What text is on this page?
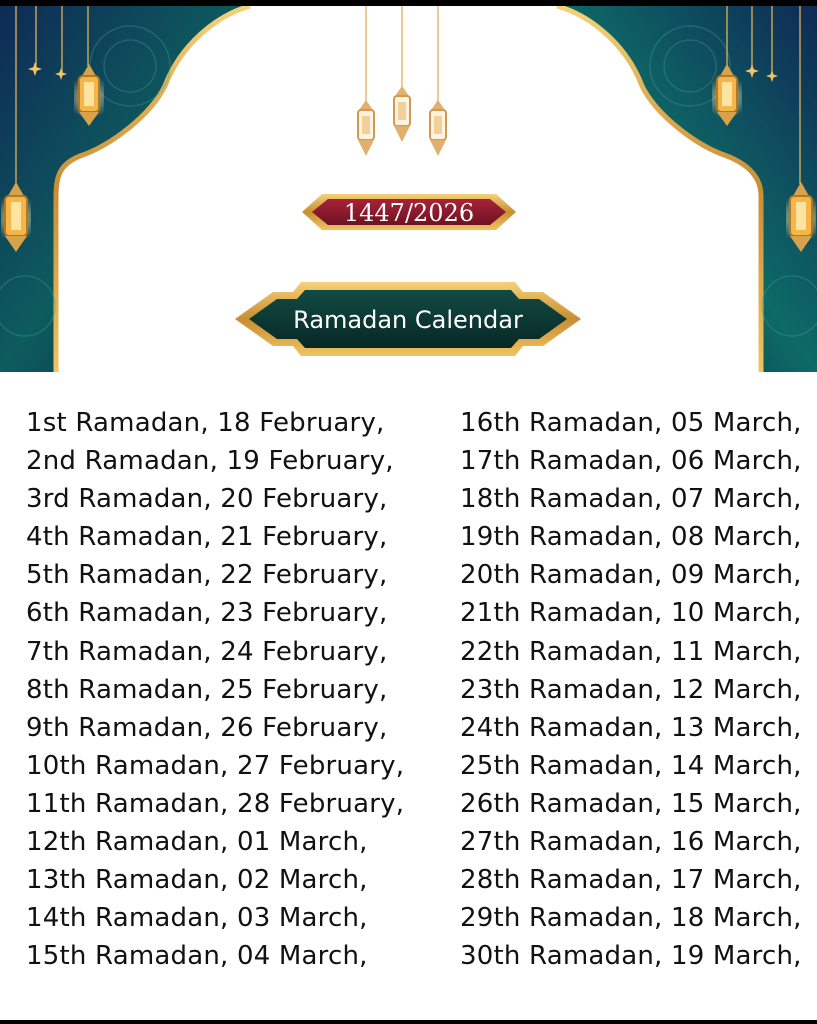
1447/2026
Ramadan Calendar
1st Ramadan, 18 February,
2nd Ramadan, 19 February,
3rd Ramadan, 20 February,
4th Ramadan, 21 February,
5th Ramadan, 22 February,
6th Ramadan, 23 February,
7th Ramadan, 24 February,
8th Ramadan, 25 February,
9th Ramadan, 26 February,
10th Ramadan, 27 February,
11th Ramadan, 28 February,
12th Ramadan, 01 March,
13th Ramadan, 02 March,
14th Ramadan, 03 March,
15th Ramadan, 04 March,
16th Ramadan, 05 March,
17th Ramadan, 06 March,
18th Ramadan, 07 March,
19th Ramadan, 08 March,
20th Ramadan, 09 March,
21th Ramadan, 10 March,
22th Ramadan, 11 March,
23th Ramadan, 12 March,
24th Ramadan, 13 March,
25th Ramadan, 14 March,
26th Ramadan, 15 March,
27th Ramadan, 16 March,
28th Ramadan, 17 March,
29th Ramadan, 18 March,
30th Ramadan, 19 March,
